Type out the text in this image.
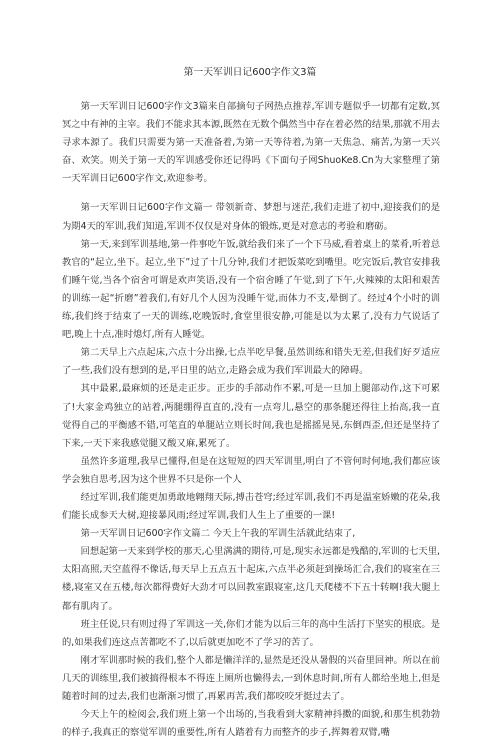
第一天军训日记600字作文3篇

第一天军训日记600字作文3篇来自部摘句子网热点推荐,军训专题似乎一切都有定数,冥冥之中有神的主宰。我们不能求其本源,既然在无数个偶然当中存在着必然的结果,那就不用去寻求本源了。我们只需要为第一天准备着,为第一天等待着,为第一天焦急、痛苦,为第一天兴奋、欢笑。则关于第一天的军训感受你还记得吗《下面句子网ShuoKe8.Cn为大家整理了第一天军训日记600字作文,欢迎参考。

第一天军训日记600字作文篇一 带领新奇、梦想与迷茫,我们走进了初中,迎接我们的是为期4天的军训,我们知道,军训不仅仅是对身体的锻炼,更是对意志的考验和磨砺。

第一天,来到军训基地,第一件事吃午饭,就给我们来了一个下马威,看着桌上的菜肴,听着总教官的“起立,坐下。起立,坐下”过了十几分钟,我们才把饭菜吃到嘴里。吃完饭后,教官安排我们睡午觉,当各个宿舍可谓是欢声笑语,没有一个宿舍睡了午觉,到了下午,火辣辣的太阳和艰苦的训练一起“折磨”着我们,有好几个人因为没睡午觉,而体力不支,晕倒了。经过4个小时的训练,我们终于结束了一天的训练,吃晚饭时,食堂里很安静,可能是以为太累了,没有力气说话了吧,晚上十点,准时熄灯,所有人睡觉。

第二天早上六点起床,六点十分出操,七点半吃早餐,虽然训练和错失无差,但我们好歹适应了一些,我们没有想到的是,平日里的站立,走路会成为我们军训最大的障碍。

其中最累,最麻烦的还是走正步。正步的手部动作不累,可是一旦加上腿部动作,这下可累了!大家金鸡独立的站着,两腿绷得直直的,没有一点弯儿,悬空的那条腿还得往上抬高,我一直觉得自己的平衡感不错,可笔直的单腿站立则长时间,我也是摇摇晃晃,东倒西歪,但还是坚持了下来,一天下来我感觉腿又酸又麻,累死了。

虽然许多道理,我早已懂得,但是在这短短的四天军训里,明白了不管何时何地,我们都应该学会独自思考,因为这个世界不只是你一个人

经过军训,我们能更加勇敢地翱翔天际,搏击苍穹;经过军训,我们不再是温室娇嫩的花朵,我们能长成参天大树,迎接暴风雨;经过军训,我们人生上了重要的一课!

第一天军训日记600字作文篇二 今天上午我的军训生活就此结束了,

回想起第一天来到学校的那天,心里满满的期待,可是,现实永远都是残酷的,军训的七天里,太阳高照,天空蓝得不像话,每天早上五点五十起床,六点半必须赶到操场汇合,我们的寝室在三楼,寝室又在五楼,每次都得费好大劲才可以回教室跟寝室,这几天爬楼不下五十转啊!我大腿上都有肌肉了。

班主任说,只有则过得了军训这一关,你们才能为以后三年的高中生活打下坚实的根底。是的,如果我们连这点苦都吃不了,以后就更加吃不了学习的苦了。

刚才军训那时候的我们,整个人都是懒洋洋的,显然是还没从暑假的兴奋里回神。所以在前几天的训练里,我们被搞得根本不得连上厕所也懒得去,一到休息时间,所有人都给坐地上,但是随着时间的过去,我们也渐渐习惯了,再累再苦,我们都咬咬牙挺过去了。

今天上午的检阅会,我们班上第一个出场的,当我看到大家精神抖擞的面貌,和那生机勃勃的样子,我真正的察觉军训的重要性,所有人踏着有力而整齐的步子,挥舞着双臂,嘴
